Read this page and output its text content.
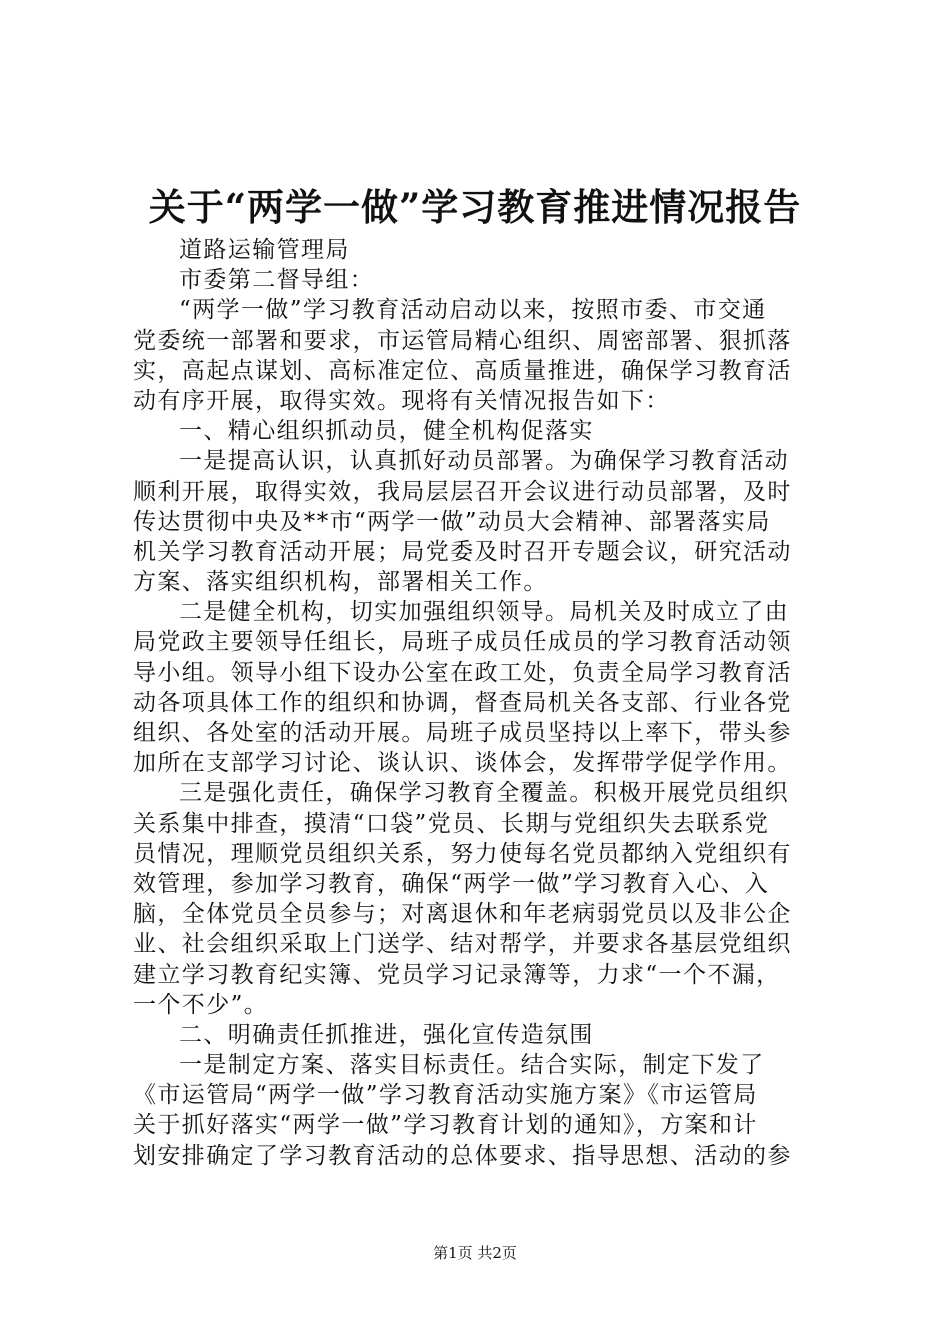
关于“两学一做”学习教育推进情况报告
道路运输管理局
市委第二督导组：
“两学一做”学习教育活动启动以来，按照市委、市交通
党委统一部署和要求，市运管局精心组织、周密部署、狠抓落
实，高起点谋划、高标准定位、高质量推进，确保学习教育活
动有序开展，取得实效。现将有关情况报告如下：
一、精心组织抓动员，健全机构促落实
一是提高认识，认真抓好动员部署。为确保学习教育活动
顺利开展，取得实效，我局层层召开会议进行动员部署，及时
传达贯彻中央及**市“两学一做”动员大会精神、部署落实局
机关学习教育活动开展；局党委及时召开专题会议，研究活动
方案、落实组织机构，部署相关工作。
二是健全机构，切实加强组织领导。局机关及时成立了由
局党政主要领导任组长，局班子成员任成员的学习教育活动领
导小组。领导小组下设办公室在政工处，负责全局学习教育活
动各项具体工作的组织和协调，督查局机关各支部、行业各党
组织、各处室的活动开展。局班子成员坚持以上率下，带头参
加所在支部学习讨论、谈认识、谈体会，发挥带学促学作用。
三是强化责任，确保学习教育全覆盖。积极开展党员组织
关系集中排查，摸清“口袋”党员、长期与党组织失去联系党
员情况，理顺党员组织关系，努力使每名党员都纳入党组织有
效管理，参加学习教育，确保“两学一做”学习教育入心、入
脑，全体党员全员参与；对离退休和年老病弱党员以及非公企
业、社会组织采取上门送学、结对帮学，并要求各基层党组织
建立学习教育纪实簿、党员学习记录簿等，力求“一个不漏，
一个不少”。
二、明确责任抓推进，强化宣传造氛围
一是制定方案、落实目标责任。结合实际，制定下发了
《市运管局“两学一做”学习教育活动实施方案》《市运管局
关于抓好落实“两学一做”学习教育计划的通知》，方案和计
划安排确定了学习教育活动的总体要求、指导思想、活动的参
第1页 共2页
